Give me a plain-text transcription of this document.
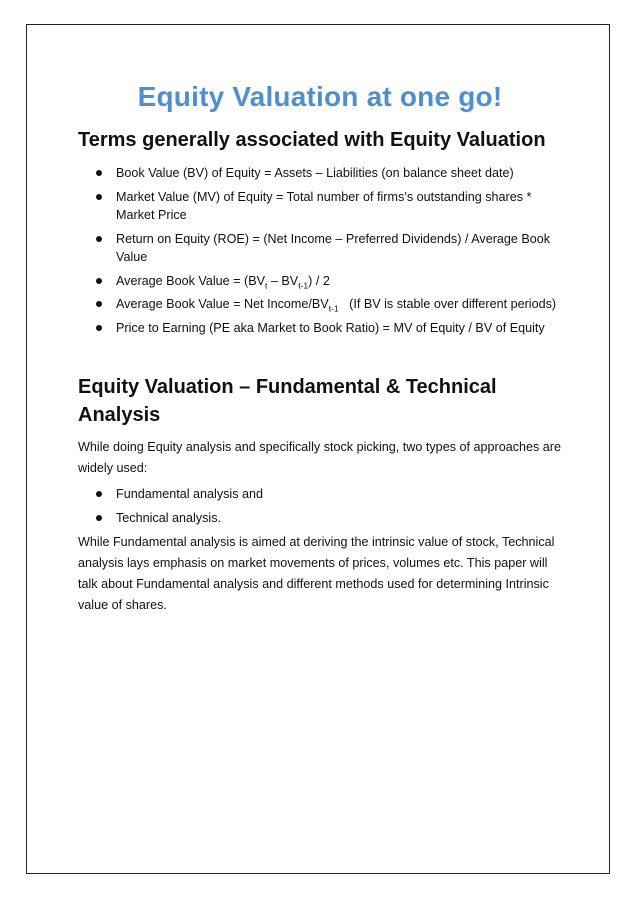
Equity Valuation at one go!
Terms generally associated with Equity Valuation
Book Value (BV) of Equity = Assets – Liabilities (on balance sheet date)
Market Value (MV) of Equity = Total number of firms’s outstanding shares * Market Price
Return on Equity (ROE) = (Net Income – Preferred Dividends) / Average Book Value
Average Book Value = $(BV_t - BV_{t-1}) / 2$
Average Book Value = Net Income/$BV_{t-1}$   (If BV is stable over different periods)
Price to Earning (PE aka Market to Book Ratio) = MV of Equity / BV of Equity
Equity Valuation – Fundamental & Technical Analysis

While doing Equity analysis and specifically stock picking, two types of approaches are widely used:

Fundamental analysis and
Technical analysis.

While Fundamental analysis is aimed at deriving the intrinsic value of stock, Technical analysis lays emphasis on market movements of prices, volumes etc. This paper will talk about Fundamental analysis and different methods used for determining Intrinsic value of shares.
